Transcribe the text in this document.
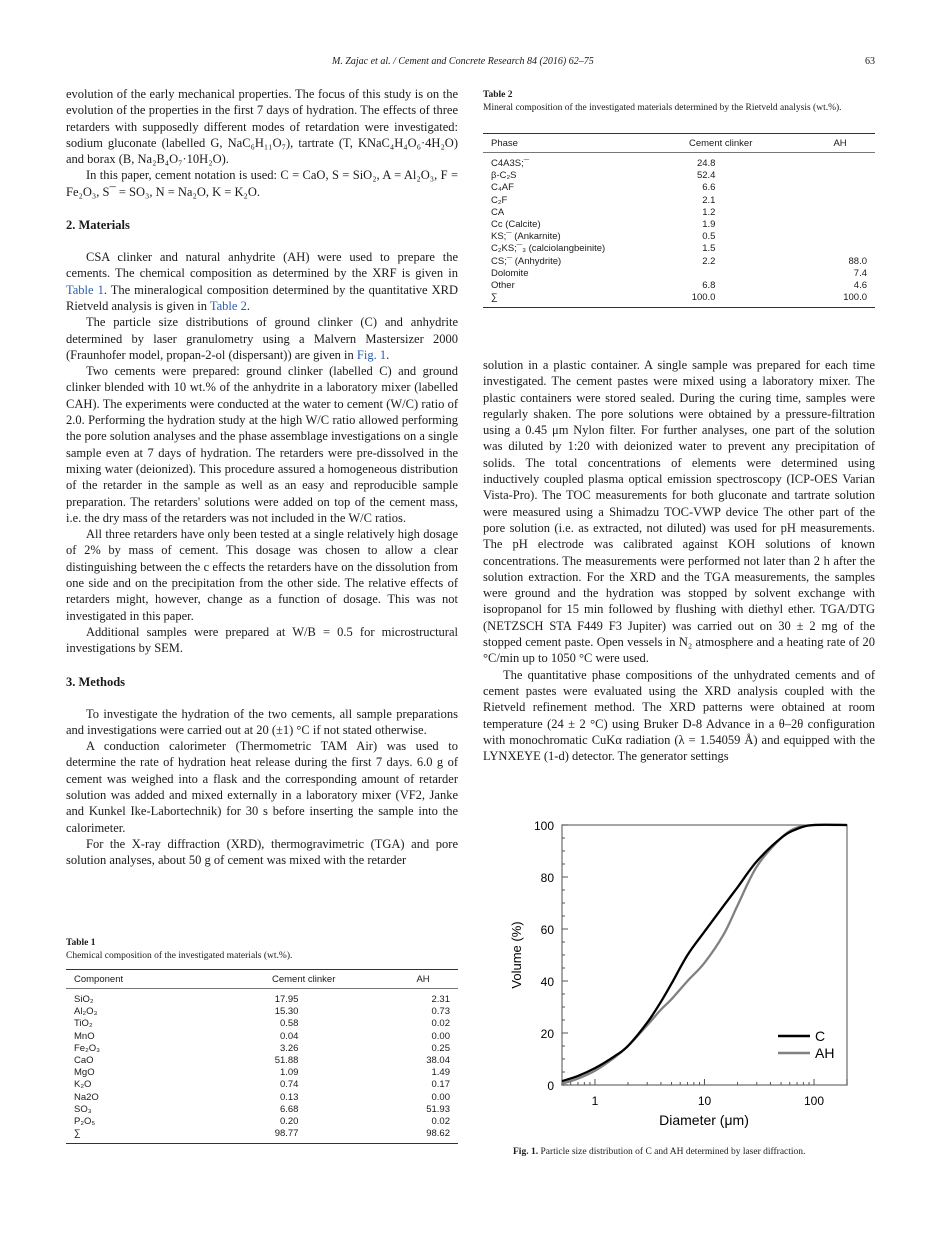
M. Zajac et al. / Cement and Concrete Research 84 (2016) 62–75	63

evolution of the early mechanical properties. The focus of this study is on the evolution of the properties in the first 7 days of hydration. The effects of three retarders with supposedly different modes of retardation were investigated: sodium gluconate (labelled G, NaC₆H₁₁O₇), tartrate (T, KNaC₄H₄O₆·4H₂O) and borax (B, Na₂B₄O₇·10H₂O).

In this paper, cement notation is used: C = CaO, S = SiO₂, A = Al₂O₃, F = Fe₂O₃, S¯ = SO₃, N = Na₂O, K = K₂O.

2. Materials

CSA clinker and natural anhydrite (AH) were used to prepare the cements. The chemical composition as determined by the XRF is given in Table 1. The mineralogical composition determined by the quantitative XRD Rietveld analysis is given in Table 2.

The particle size distributions of ground clinker (C) and anhydrite determined by laser granulometry using a Malvern Mastersizer 2000 (Fraunhofer model, propan-2-ol (dispersant)) are given in Fig. 1.

Two cements were prepared: ground clinker (labelled C) and ground clinker blended with 10 wt.% of the anhydrite in a laboratory mixer (labelled CAH). The experiments were conducted at the water to cement (W/C) ratio of 2.0. Performing the hydration study at the high W/C ratio allowed performing the pore solution analyses and the phase assemblage investigations on a single sample even at 7 days of hydration. The retarders were pre-dissolved in the mixing water (deionized). This procedure assured a homogeneous distribution of the retarder in the sample as well as an easy and reproducible sample preparation. The retarders' solutions were added on top of the cement mass, i.e. the dry mass of the retarders was not included in the W/C ratios.

All three retarders have only been tested at a single relatively high dosage of 2% by mass of cement. This dosage was chosen to allow a clear distinguishing between the c effects the retarders have on the dissolution from one side and on the precipitation from the other side. The relative effects of retarders might, however, change as a function of dosage. This was not investigated in this paper.

Additional samples were prepared at W/B = 0.5 for microstructural investigations by SEM.

3. Methods

To investigate the hydration of the two cements, all sample preparations and investigations were carried out at 20 (±1) °C if not stated otherwise.

A conduction calorimeter (Thermometric TAM Air) was used to determine the rate of hydration heat release during the first 7 days. 6.0 g of cement was weighed into a flask and the corresponding amount of retarder solution was added and mixed externally in a laboratory mixer (VF2, Janke and Kunkel Ike-Labortechnik) for 30 s before inserting the sample into the calorimeter.

For the X-ray diffraction (XRD), thermogravimetric (TGA) and pore solution analyses, about 50 g of cement was mixed with the retarder

Table 1
Chemical composition of the investigated materials (wt.%).
Component	Cement clinker	AH
SiO₂	17.95	2.31
Al₂O₃	15.30	0.73
TiO₂	0.58	0.02
MnO	0.04	0.00
Fe₂O₃	3.26	0.25
CaO	51.88	38.04
MgO	1.09	1.49
K₂O	0.74	0.17
Na2O	0.13	0.00
SO₃	6.68	51.93
P₂O₅	0.20	0.02
∑	98.77	98.62
Table 2
Mineral composition of the investigated materials determined by the Rietveld analysis (wt.%).
Phase	Cement clinker	AH
C4A3S;¯	24.8	
β-C₂S	52.4	
C₄AF	6.6	
C₂F	2.1	
CA	1.2	
Cc (Calcite)	1.9	
KS;¯ (Ankarnite)	0.5	
C₂KS;¯₃ (calciolangbeinite)	1.5	
CS;¯ (Anhydrite)	2.2	88.0
Dolomite		7.4
Other	6.8	4.6
∑	100.0	100.0

solution in a plastic container. A single sample was prepared for each time investigated. The cement pastes were mixed using a laboratory mixer. The plastic containers were stored sealed. During the curing time, samples were regularly shaken. The pore solutions were obtained by a pressure-filtration using a 0.45 μm Nylon filter. For further analyses, one part of the solution was diluted by 1:20 with deionized water to prevent any precipitation of solids. The total concentrations of elements were determined using inductively coupled plasma optical emission spectroscopy (ICP-OES Varian Vista-Pro). The TOC measurements for both gluconate and tartrate solution were measured using a Shimadzu TOC-VWP device The other part of the pore solution (i.e. as extracted, not diluted) was used for pH measurements. The pH electrode was calibrated against KOH solutions of known concentrations. The measurements were performed not later than 2 h after the solution extraction. For the XRD and the TGA measurements, the samples were ground and the hydration was stopped by solvent exchange with isopropanol for 15 min followed by flushing with diethyl ether. TGA/DTG (NETZSCH STA F449 F3 Jupiter) was carried out on 30 ± 2 mg of the stopped cement paste. Open vessels in N₂ atmosphere and a heating rate of 20 °C/min up to 1050 °C were used.

The quantitative phase compositions of the unhydrated cements and of cement pastes were evaluated using the XRD analysis coupled with the Rietveld refinement method. The XRD patterns were obtained at room temperature (24 ± 2 °C) using Bruker D-8 Advance in a θ–2θ configuration with monochromatic CuKα radiation (λ = 1.54059 Å) and equipped with the LYNXEYE (1-d) detector. The generator settings

0
20
40
60
80
100
1	10	100
C
AH
Diameter (μm)
Volume (%)
Fig. 1. Particle size distribution of C and AH determined by laser diffraction.
